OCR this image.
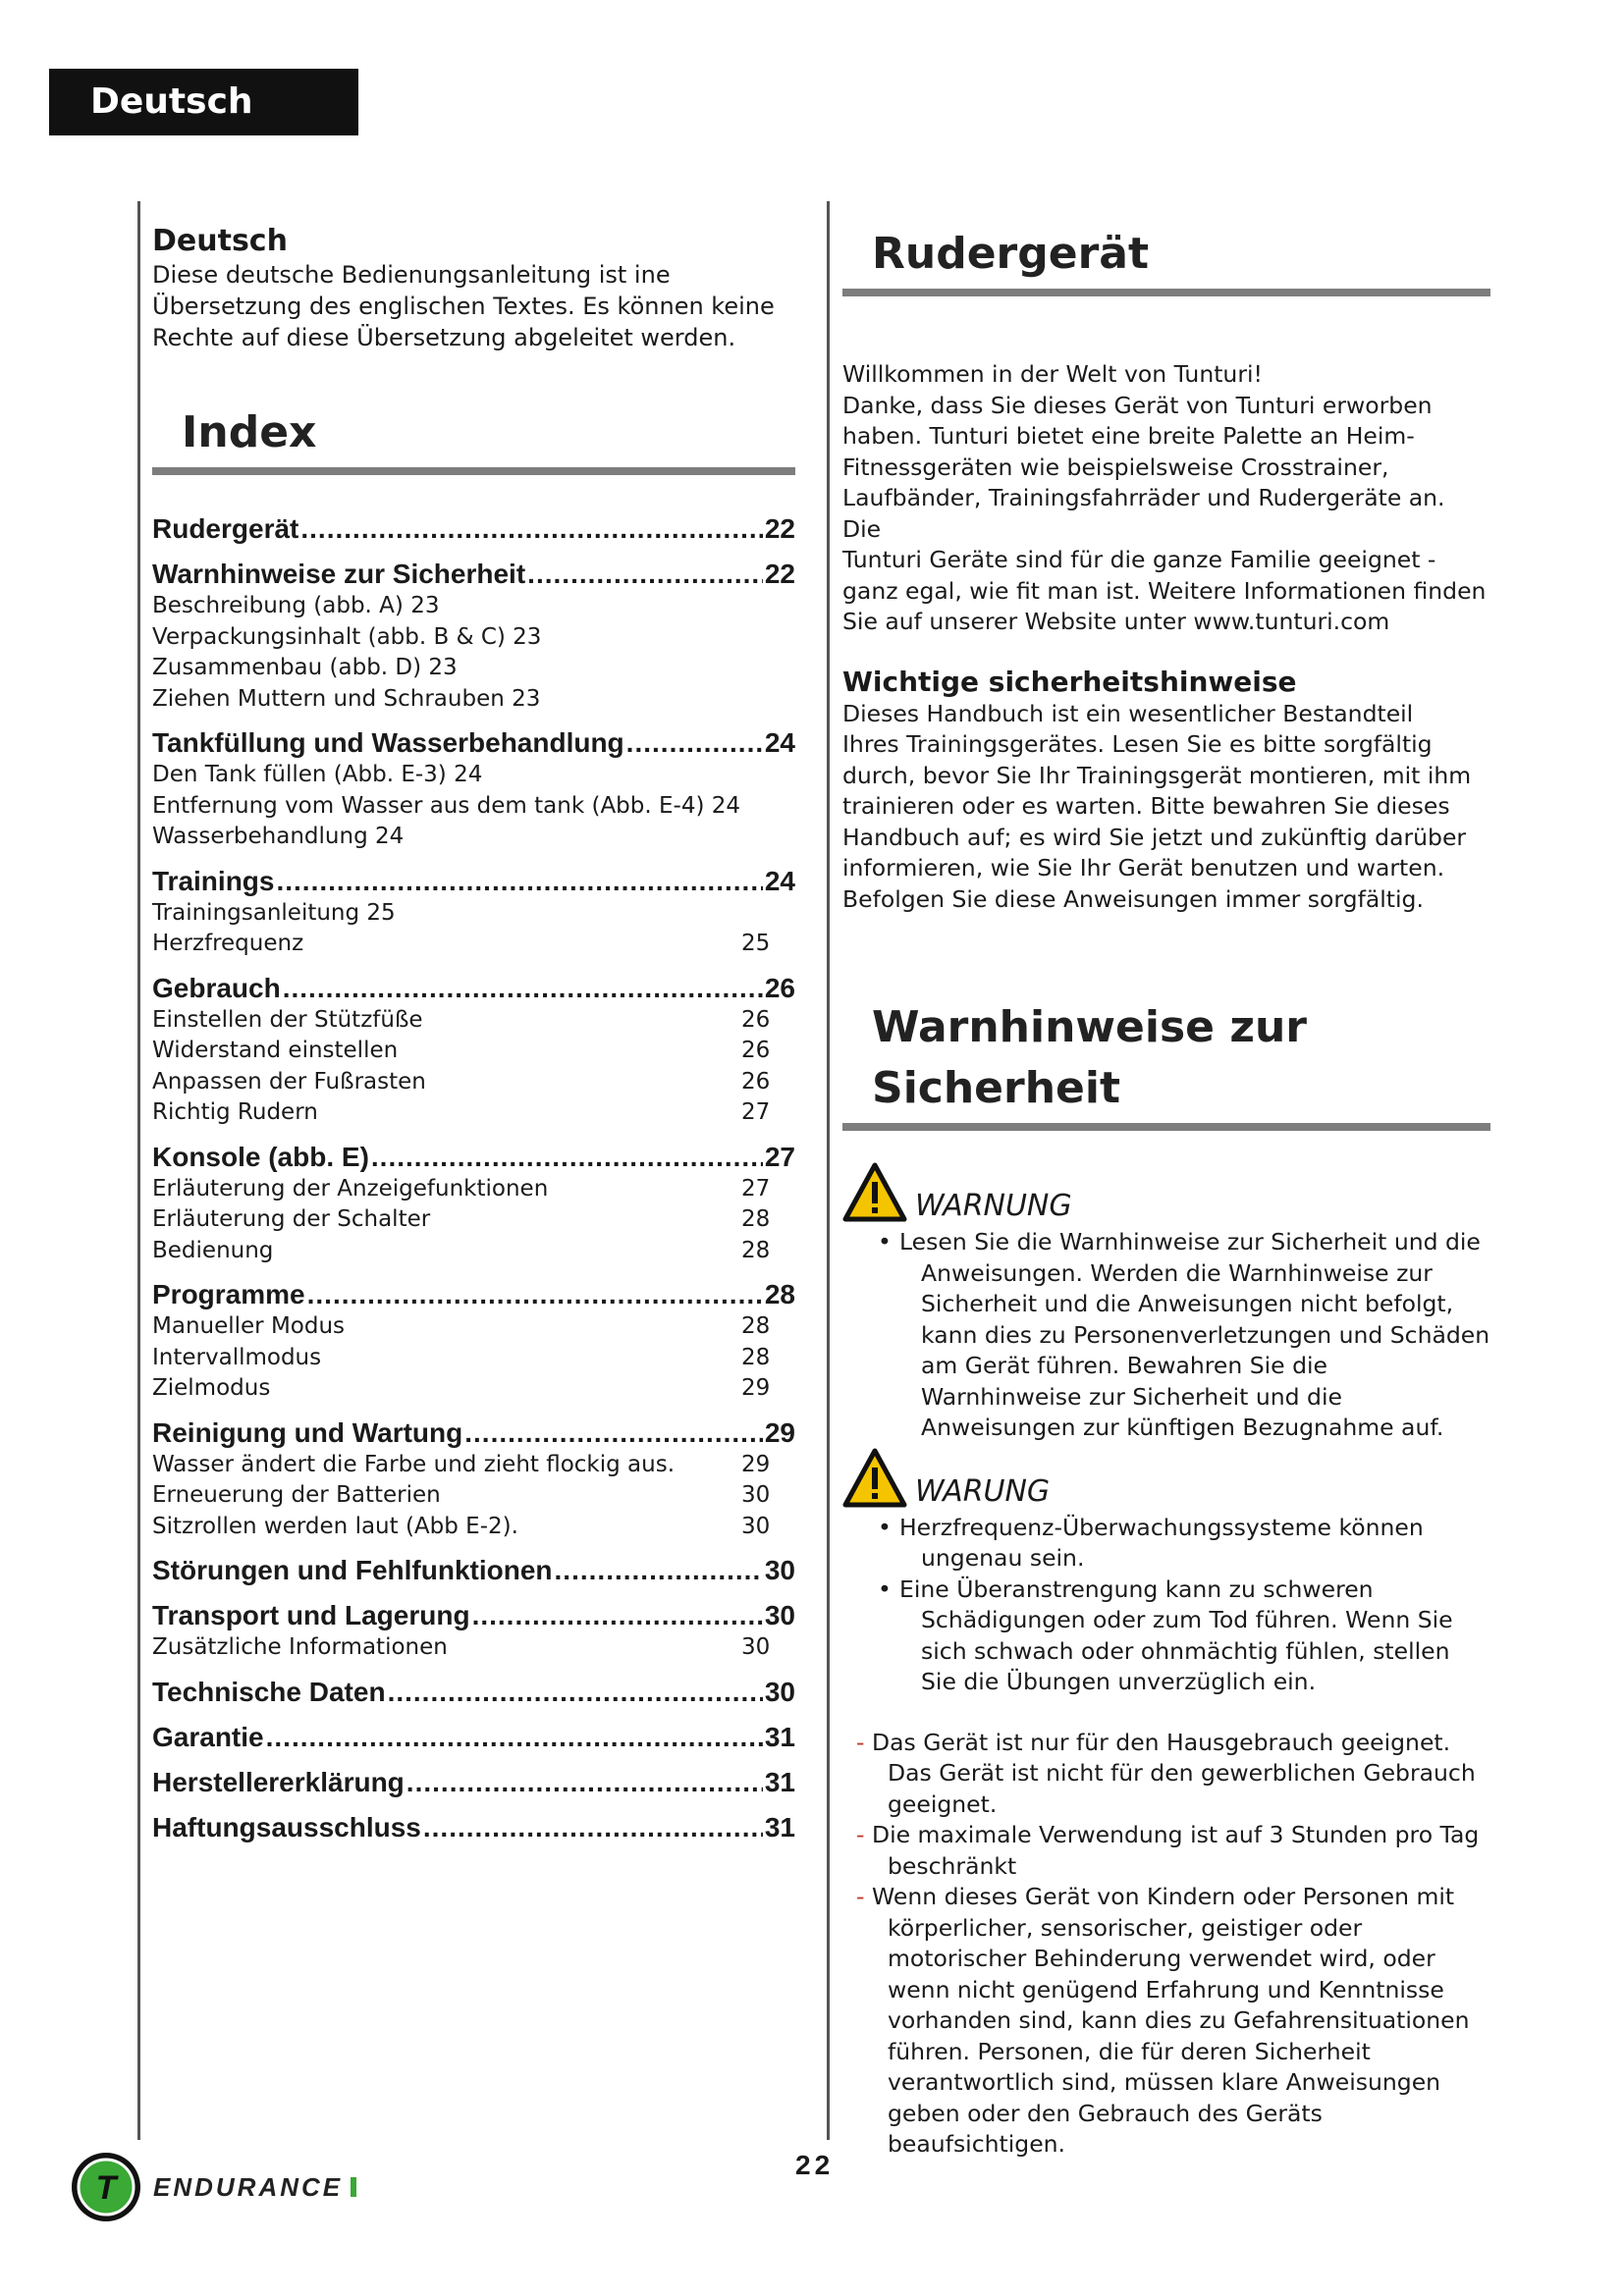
Deutsch
Deutsch
Diese deutsche Bedienungsanleitung ist ine
Übersetzung des englischen Textes. Es können keine
Rechte auf diese Übersetzung abgeleitet werden.
Index
Rudergerät .....	22
Warnhinweise zur Sicherheit .....	22
Beschreibung (abb. A) 23
Verpackungsinhalt (abb. B & C) 23
Zusammenbau (abb. D) 23
Ziehen Muttern und Schrauben 23
Tankfüllung und Wasserbehandlung .....	24
Den Tank füllen (Abb. E-3) 24
Entfernung vom Wasser aus dem tank (Abb. E-4) 24
Wasserbehandlung 24
Trainings .....	24
Trainingsanleitung 25
Herzfrequenz	25
Gebrauch .....	26
Einstellen der Stützfüße	26
Widerstand einstellen	26
Anpassen der Fußrasten	26
Richtig Rudern	27
Konsole (abb. E) .....	27
Erläuterung der Anzeigefunktionen	27
Erläuterung der Schalter	28
Bedienung	28
Programme .....	28
Manueller Modus	28
Intervallmodus	28
Zielmodus	29
Reinigung und Wartung .....	29
Wasser ändert die Farbe und zieht flockig aus.	29
Erneuerung der Batterien	30
Sitzrollen werden laut (Abb E-2).	30
Störungen und Fehlfunktionen .....	30
Transport und Lagerung .....	30
Zusätzliche Informationen	30
Technische Daten .....	30
Garantie .....	31
Herstellererklärung .....	31
Haftungsausschluss .....	31
Rudergerät
Willkommen in der Welt von Tunturi!
Danke, dass Sie dieses Gerät von Tunturi erworben
haben. Tunturi bietet eine breite Palette an Heim-
Fitnessgeräten wie beispielsweise Crosstrainer,
Laufbänder, Trainingsfahrräder und Rudergeräte an. Die
Tunturi Geräte sind für die ganze Familie geeignet -
ganz egal, wie fit man ist. Weitere Informationen finden
Sie auf unserer Website unter www.tunturi.com
Wichtige sicherheitshinweise
Dieses Handbuch ist ein wesentlicher Bestandteil
Ihres Trainingsgerätes. Lesen Sie es bitte sorgfältig
durch, bevor Sie Ihr Trainingsgerät montieren, mit ihm
trainieren oder es warten. Bitte bewahren Sie dieses
Handbuch auf; es wird Sie jetzt und zukünftig darüber
informieren, wie Sie Ihr Gerät benutzen und warten.
Befolgen Sie diese Anweisungen immer sorgfältig.
Warnhinweise zur
Sicherheit
WARNUNG
• Lesen Sie die Warnhinweise zur Sicherheit und die Anweisungen. Werden die Warnhinweise zur Sicherheit und die Anweisungen nicht befolgt, kann dies zu Personenverletzungen und Schäden am Gerät führen. Bewahren Sie die Warnhinweise zur Sicherheit und die Anweisungen zur künftigen Bezugnahme auf.
WARUNG
• Herzfrequenz-Überwachungssysteme können ungenau sein.
• Eine Überanstrengung kann zu schweren Schädigungen oder zum Tod führen. Wenn Sie sich schwach oder ohnmächtig fühlen, stellen Sie die Übungen unverzüglich ein.
- Das Gerät ist nur für den Hausgebrauch geeignet. Das Gerät ist nicht für den gewerblichen Gebrauch geeignet.
- Die maximale Verwendung ist auf 3 Stunden pro Tag beschränkt
- Wenn dieses Gerät von Kindern oder Personen mit körperlicher, sensorischer, geistiger oder motorischer Behinderung verwendet wird, oder wenn nicht genügend Erfahrung und Kenntnisse vorhanden sind, kann dies zu Gefahrensituationen führen. Personen, die für deren Sicherheit verantwortlich sind, müssen klare Anweisungen geben oder den Gebrauch des Geräts beaufsichtigen.
T ENDURANCE
22
